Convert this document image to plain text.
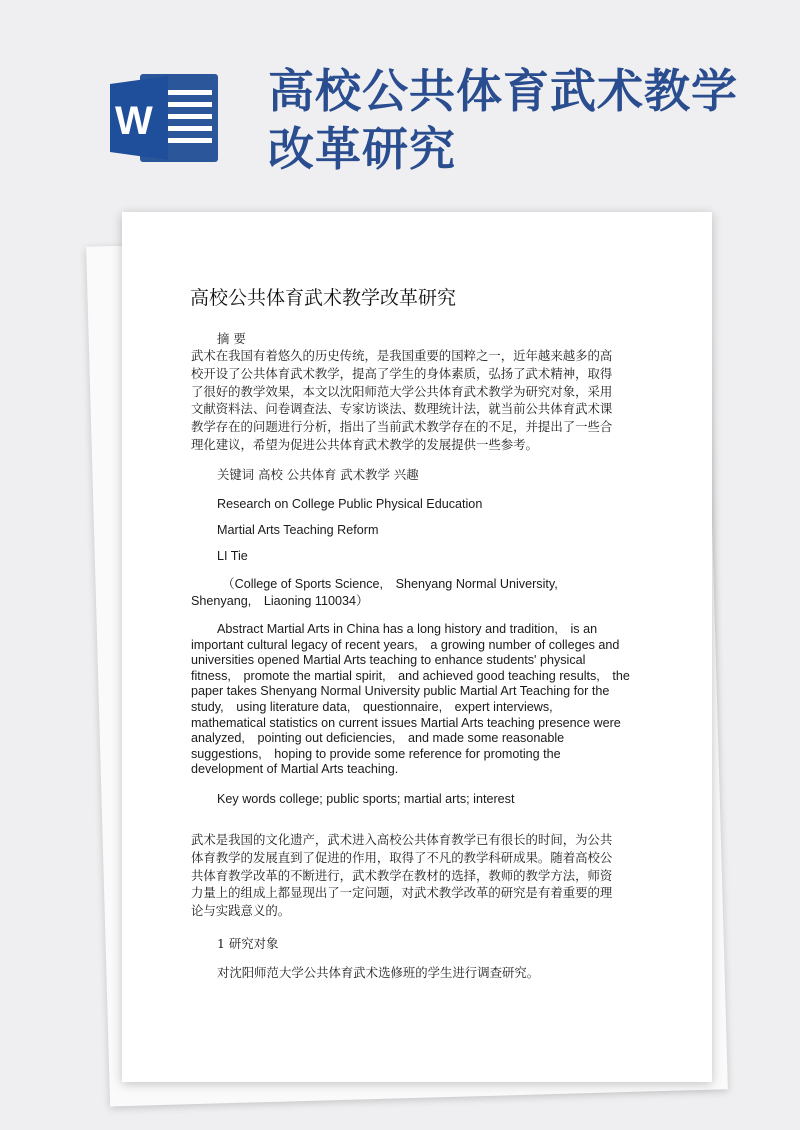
W
高校公共体育武术教学
改革研究
高校公共体育武术教学改革研究
摘 要
武术在我国有着悠久的历史传统，是我国重要的国粹之一，近年越来越多的高
校开设了公共体育武术教学，提高了学生的身体素质，弘扬了武术精神，取得
了很好的教学效果，本文以沈阳师范大学公共体育武术教学为研究对象，采用
文献资料法、问卷调查法、专家访谈法、数理统计法，就当前公共体育武术课
教学存在的问题进行分析，指出了当前武术教学存在的不足，并提出了一些合
理化建议，希望为促进公共体育武术教学的发展提供一些参考。
关键词 高校 公共体育 武术教学 兴趣
Research on College Public Physical Education
Martial Arts Teaching Reform
LI Tie
（College of Sports Science,　Shenyang Normal University,
Shenyang,　Liaoning 110034）
Abstract Martial Arts in China has a long history and tradition,　is an
important cultural legacy of recent years,　a growing number of colleges and
universities opened Martial Arts teaching to enhance students' physical
fitness,　promote the martial spirit,　and achieved good teaching results,　the
paper takes Shenyang Normal University public Martial Art Teaching for the
study,　using literature data,　questionnaire,　expert interviews,
mathematical statistics on current issues Martial Arts teaching presence were
analyzed,　pointing out deficiencies,　and made some reasonable
suggestions,　hoping to provide some reference for promoting the
development of Martial Arts teaching.
Key words college; public sports; martial arts; interest
武术是我国的文化遗产，武术进入高校公共体育教学已有很长的时间，为公共
体育教学的发展直到了促进的作用，取得了不凡的教学科研成果。随着高校公
共体育教学改革的不断进行，武术教学在教材的选择，教师的教学方法，师资
力量上的组成上都显现出了一定问题，对武术教学改革的研究是有着重要的理
论与实践意义的。
1 研究对象
对沈阳师范大学公共体育武术选修班的学生进行调查研究。
